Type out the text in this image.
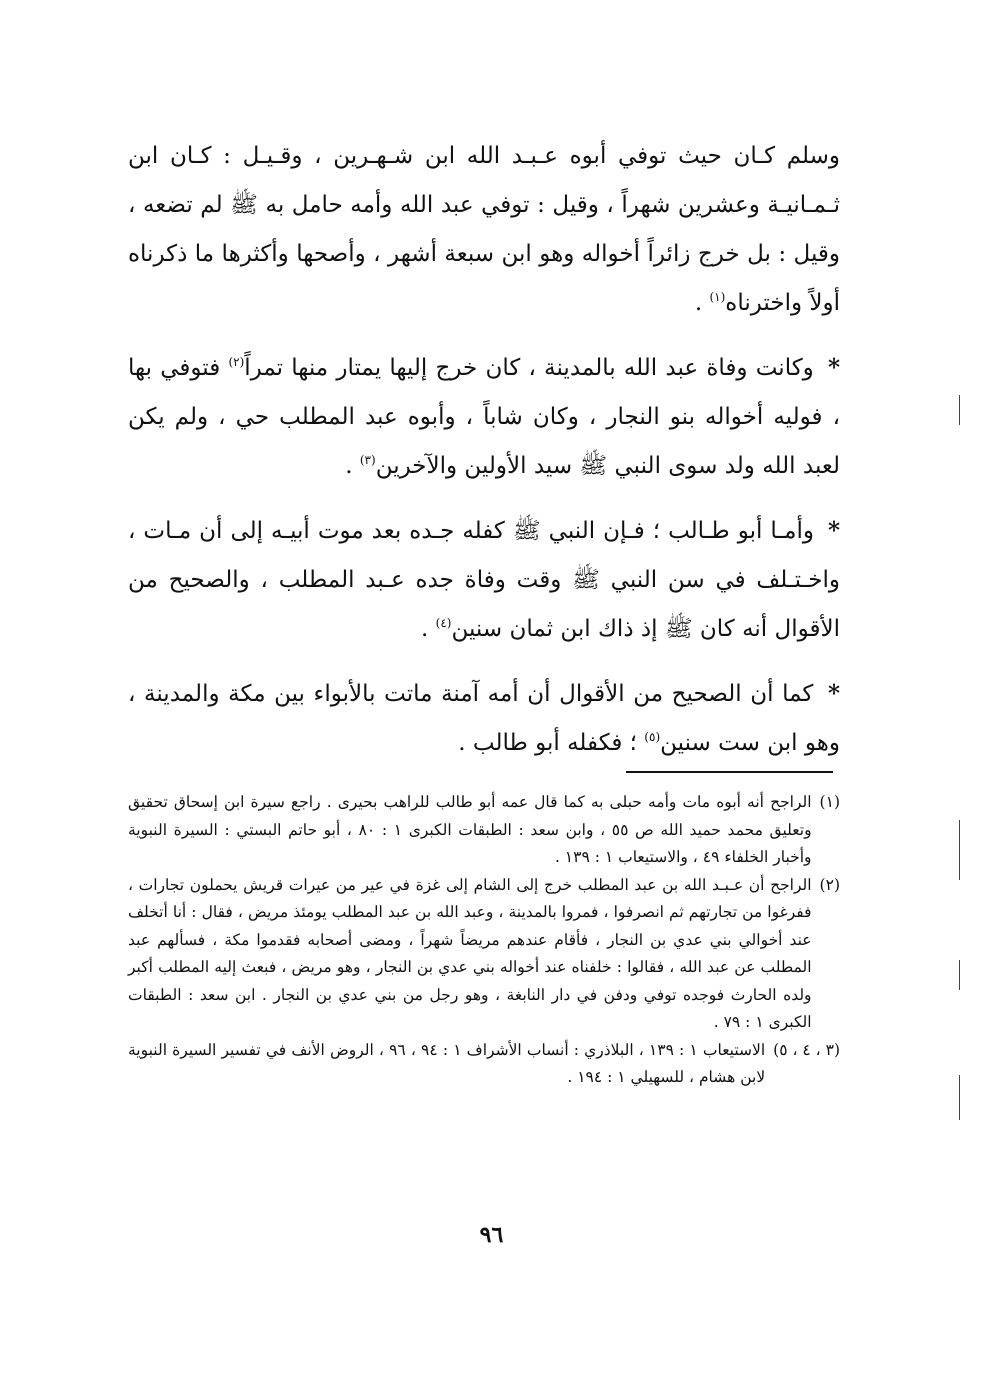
وسلم كـان حيث توفي أبوه عـبـد الله ابن شـهـرين ، وقـيـل : كـان ابن ثـمـانيـة وعشرين شهراً ، وقيل : توفي عبد الله وأمه حامل به ﷺ لم تضعه ، وقيل : بل خرج زائراً أخواله وهو ابن سبعة أشهر ، وأصحها وأكثرها ما ذكرناه أولاً واخترناه$^{(١)}$ .

* وكانت وفاة عبد الله بالمدينة ، كان خرج إليها يمتار منها تمراً$^{(٢)}$ فتوفي بها ، فوليه أخواله بنو النجار ، وكان شاباً ، وأبوه عبد المطلب حي ، ولم يكن لعبد الله ولد سوى النبي ﷺ سيد الأولين والآخرين$^{(٣)}$ .

* وأمـا أبو طـالب ؛ فـإن النبي ﷺ كفله جـده بعد موت أبيـه إلى أن مـات ، واخـتـلف في سن النبي ﷺ وقت وفاة جده عـبد المطلب ، والصحيح من الأقوال أنه كان ﷺ إذ ذاك ابن ثمان سنين$^{(٤)}$ .

* كما أن الصحيح من الأقوال أن أمه آمنة ماتت بالأبواء بين مكة والمدينة ، وهو ابن ست سنين$^{(٥)}$ ؛ فكفله أبو طالب .

(١)
الراجح أنه أبوه مات وأمه حبلى به كما قال عمه أبو طالب للراهب بحيرى . راجع سيرة ابن إسحاق تحقيق وتعليق محمد حميد الله ص ٥٥ ، وابن سعد : الطبقات الكبرى ١ : ٨٠ ، أبو حاتم البستي : السيرة النبوية وأخبار الخلفاء ٤٩ ، والاستيعاب ١ : ١٣٩ .
(٢)
الراجح أن عـبـد الله بن عبد المطلب خرج إلى الشام إلى غزة في عير من عيرات قريش يحملون تجارات ، ففرغوا من تجارتهم ثم انصرفوا ، فمروا بالمدينة ، وعبد الله بن عبد المطلب يومئذ مريض ، فقال : أنا أتخلف عند أخوالي بني عدي بن النجار ، فأقام عندهم مريضاً شهراً ، ومضى أصحابه فقدموا مكة ، فسألهم عبد المطلب عن عبد الله ، فقالوا : خلفناه عند أخواله بني عدي بن النجار ، وهو مريض ، فبعث إليه المطلب أكبر ولده الحارث فوجده توفي ودفن في دار النابغة ، وهو رجل من بني عدي بن النجار . ابن سعد : الطبقات الكبرى ١ : ٧٩ .
(٣ ، ٤ ، ٥)
الاستيعاب ١ : ١٣٩ ، البلاذري : أنساب الأشراف ١ : ٩٤ ، ٩٦ ، الروض الأنف في تفسير السيرة النبوية لابن هشام ، للسهيلي ١ : ١٩٤ .
٩٦
